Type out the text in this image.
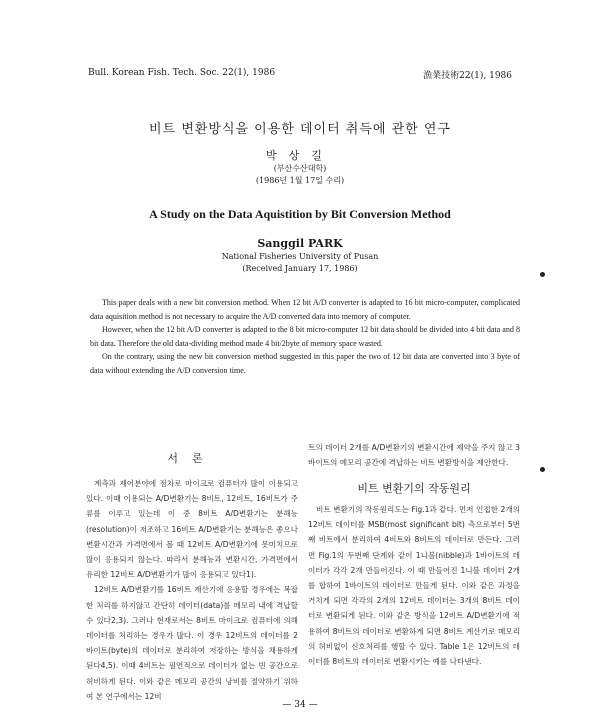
Bull. Korean Fish. Tech. Soc. 22(1), 1986	漁業技術22(1), 1986
비트 변환방식을 이용한 데이터 취득에 관한 연구
박상길
(부산수산대학)
(1986년 1월 17일 수리)
A Study on the Data Aquistition by Bit Conversion Method
Sanggil PARK
National Fisheries University of Pusan
(Received January 17, 1986)

This paper deals with a new bit conversion method. When 12 bit A/D converter is adapted to 16 bit micro-computer, complicated data aquisition method is not necessary to acquire the A/D converted data into memory of computer.

However, when the 12 bit A/D converter is adapted to the 8 bit micro-computer 12 bit data should be divided into 4 bit data and 8 bit data. Therefore the old data-dividing method made 4 bit/2byte of memory space wasted.

On the contrary, using the new bit conversion method suggested in this paper the two of 12 bit data are converted into 3 byte of data without extending the A/D conversion time.

서론

계측과 제어분야에 점차로 마이크로 컴퓨터가 많이 이용되고 있다. 이때 이용되는 A/D변환기는 8비트, 12비트, 16비트가 주류를 이루고 있는데 이 중 8비트 A/D변환기는 분해능(resolution)이 저조하고 16비트 A/D변환기는 분해능은 좋으나 변환시간과 가격면에서 볼 때 12비트 A/D변환기에 못미치므로 많이 응용되지 않는다. 따라서 분해능과 변환시간, 가격면에서 유리한 12비트 A/D변환기가 많이 응용되고 있다1).

12비트 A/D변환기를 16비트 계산기에 응용할 경우에는 복잡한 처리를 하지않고 간단히 데이터(data)를 메모리 내에 격납할 수 있다2,3). 그러나 현재로서는 8비트 마이크로 컴퓨터에 의해 데이터를 처리하는 경우가 많다. 이 경우 12비트의 데이터를 2바이트(byte)의 데이터로 분리하여 저장하는 방식을 채용하게 된다4,5). 이때 4비트는 필연적으로 데이터가 없는 빈 공간으로 허비하게 된다. 이와 같은 메모리 공간의 낭비를 절약하기 위하여 본 연구에서는 12비

트의 데이터 2개를 A/D변환기의 변환시간에 제약을 주지 않고 3바이트의 메모리 공간에 격납하는 비트 변환방식을 제안한다.

비트 변환기의 작동원리

비트 변환기의 작동원리도는 Fig.1과 같다. 먼저 인접한 2개의 12비트 데이터를 MSB(most significant bit) 측으로부터 5번째 비트에서 분리하여 4비트와 8비트의 데이터로 만든다. 그러면 Fig.1의 두번째 단계와 같이 1니블(nibble)과 1바이트의 데이터가 각각 2개 만들어진다. 이 때 만들어진 1니블 데이터 2개를 합하여 1바이트의 데이터로 만들게 된다. 이와 같은 과정을 거치게 되면 각각의 2개의 12비트 데이터는 3개의 8비트 데이터로 변환되게 된다. 이와 같은 방식을 12비트 A/D변환기에 적용하여 8비트의 데이터로 변환하게 되면 8비트 계산기로 메모리의 허비없이 신호처리를 행할 수 있다. Table 1은 12비트의 데이터를 8비트의 데이터로 변환시키는 예를 나타낸다.

— 34 —
